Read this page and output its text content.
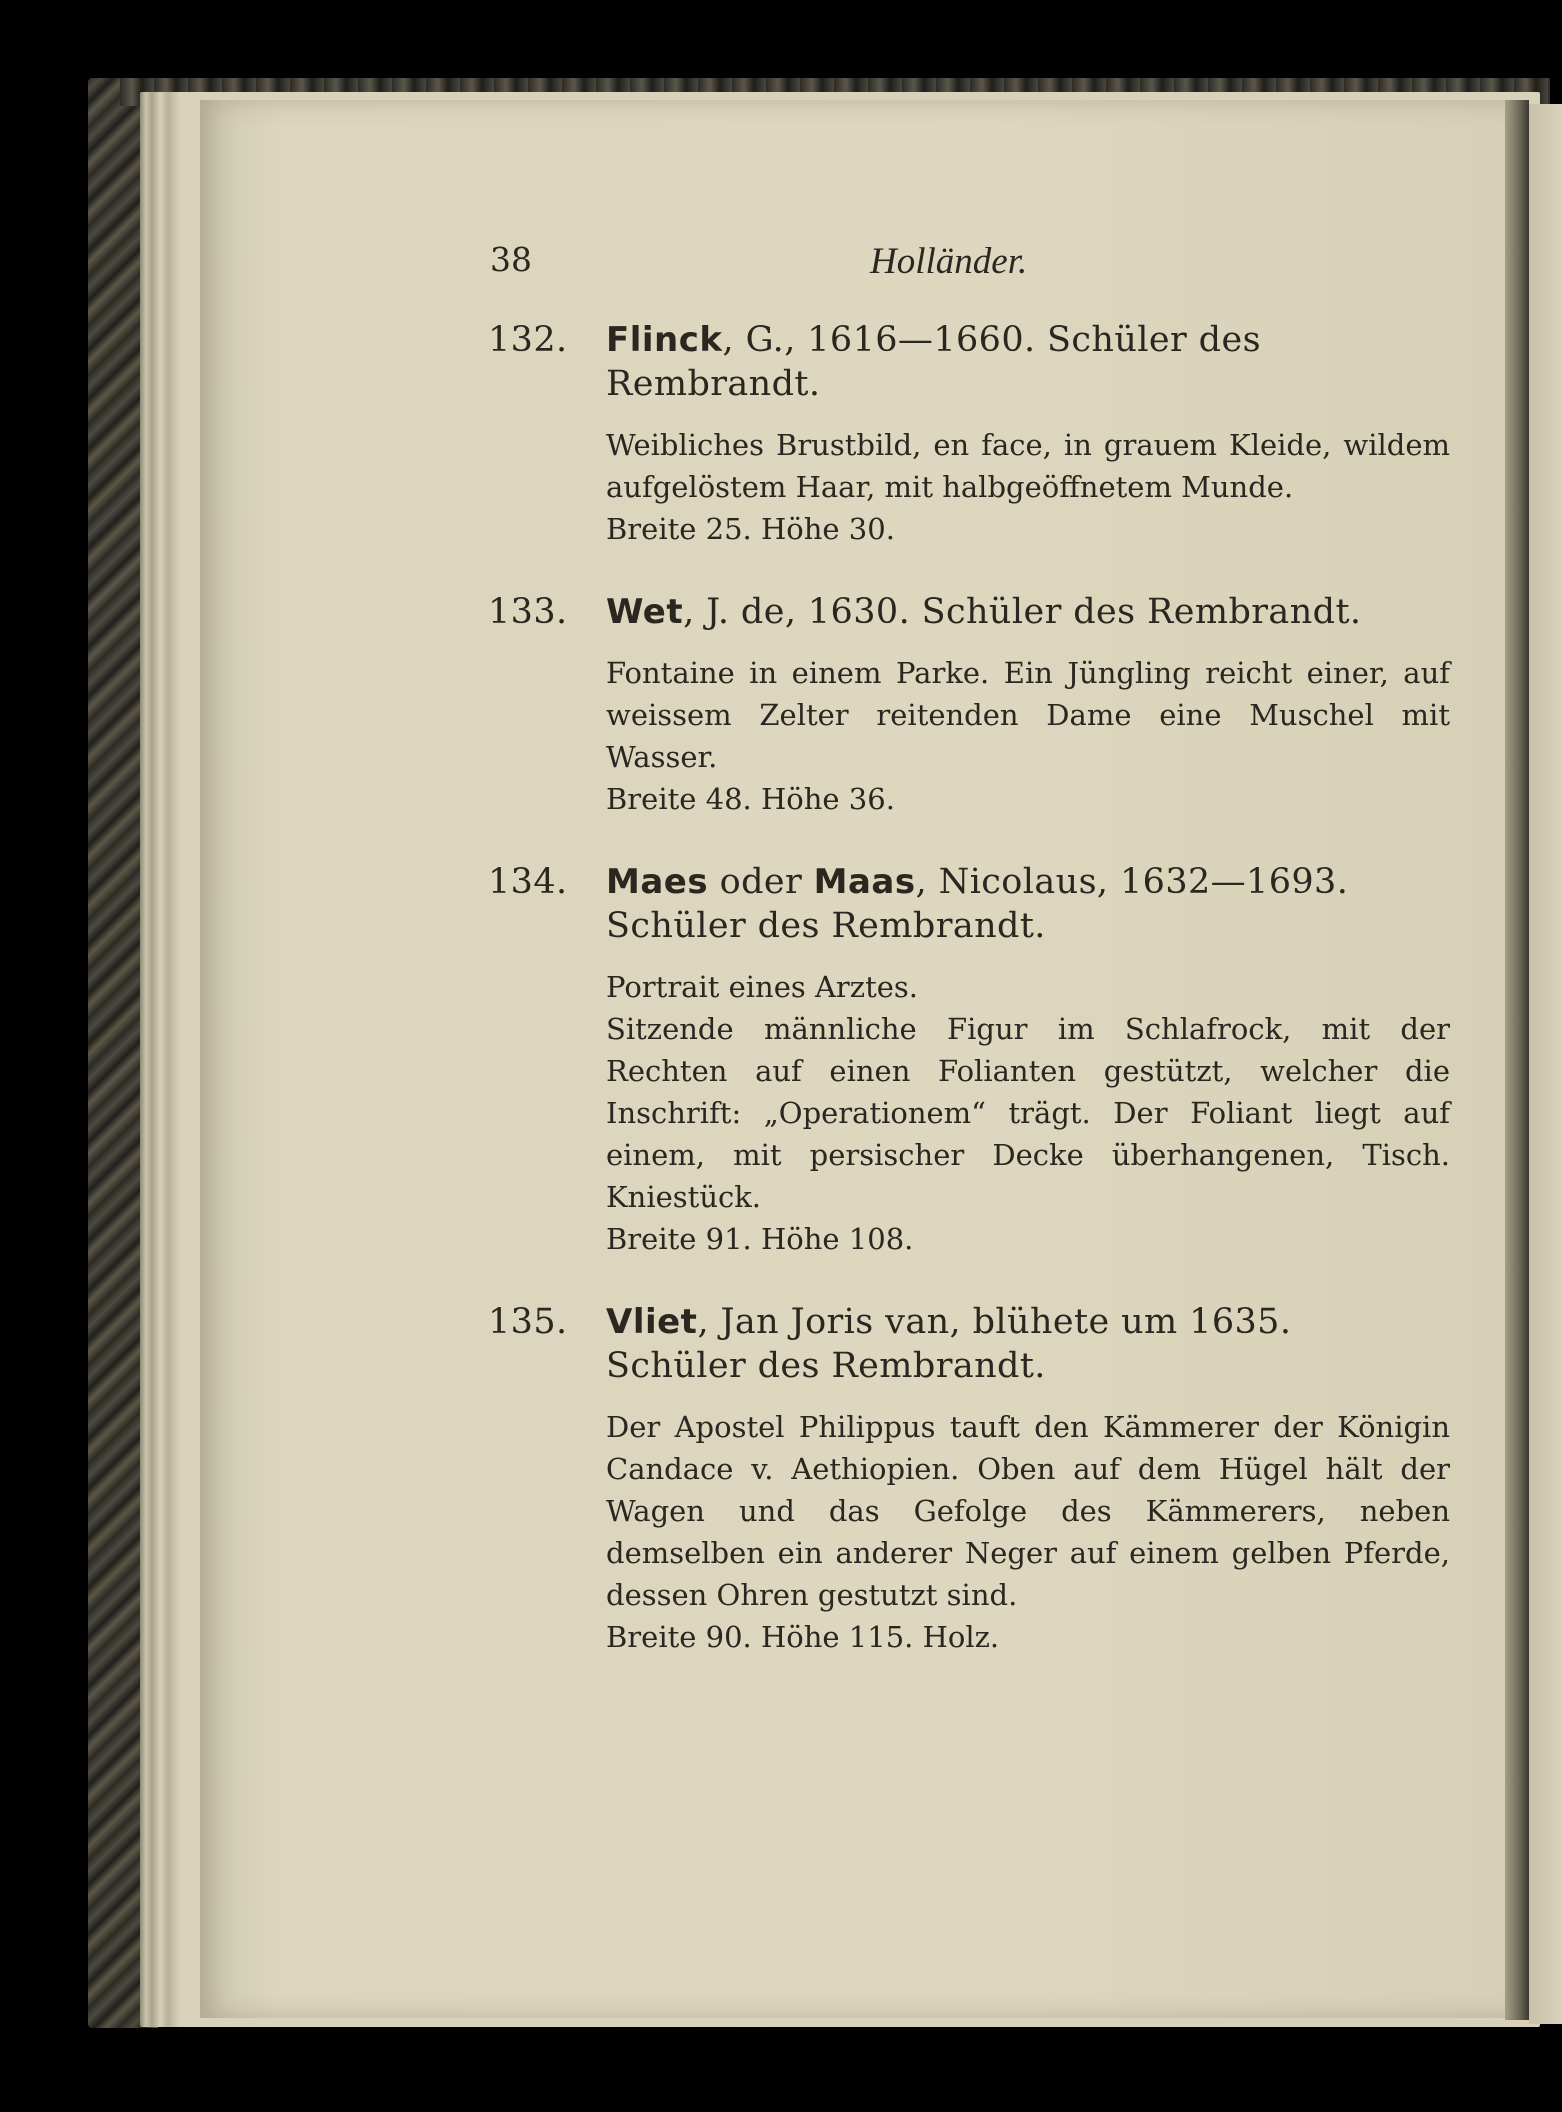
38	Holländer.
132.	Flinck, G., 1616—1660. Schüler des
Rembrandt.

Weibliches Brustbild, en face, in grauem Kleide, wildem aufgelöstem Haar, mit halbgeöffnetem Munde.

Breite 25. Höhe 30.

133.	Wet, J. de, 1630. Schüler des Rembrandt.

Fontaine in einem Parke. Ein Jüngling reicht einer, auf weissem Zelter reitenden Dame eine Muschel mit Wasser.

Breite 48. Höhe 36.

134.	Maes oder Maas, Nicolaus, 1632—1693.
Schüler des Rembrandt.

Portrait eines Arztes.

Sitzende männliche Figur im Schlafrock, mit der Rechten auf einen Folianten gestützt, welcher die Inschrift: „Operationem“ trägt. Der Foliant liegt auf einem, mit persischer Decke überhangenen, Tisch. Kniestück.

Breite 91. Höhe 108.

135.	Vliet, Jan Joris van, blühete um 1635.
Schüler des Rembrandt.

Der Apostel Philippus tauft den Kämmerer der Königin Candace v. Aethiopien. Oben auf dem Hügel hält der Wagen und das Gefolge des Kämmerers, neben demselben ein anderer Neger auf einem gelben Pferde, dessen Ohren gestutzt sind.

Breite 90. Höhe 115. Holz.
